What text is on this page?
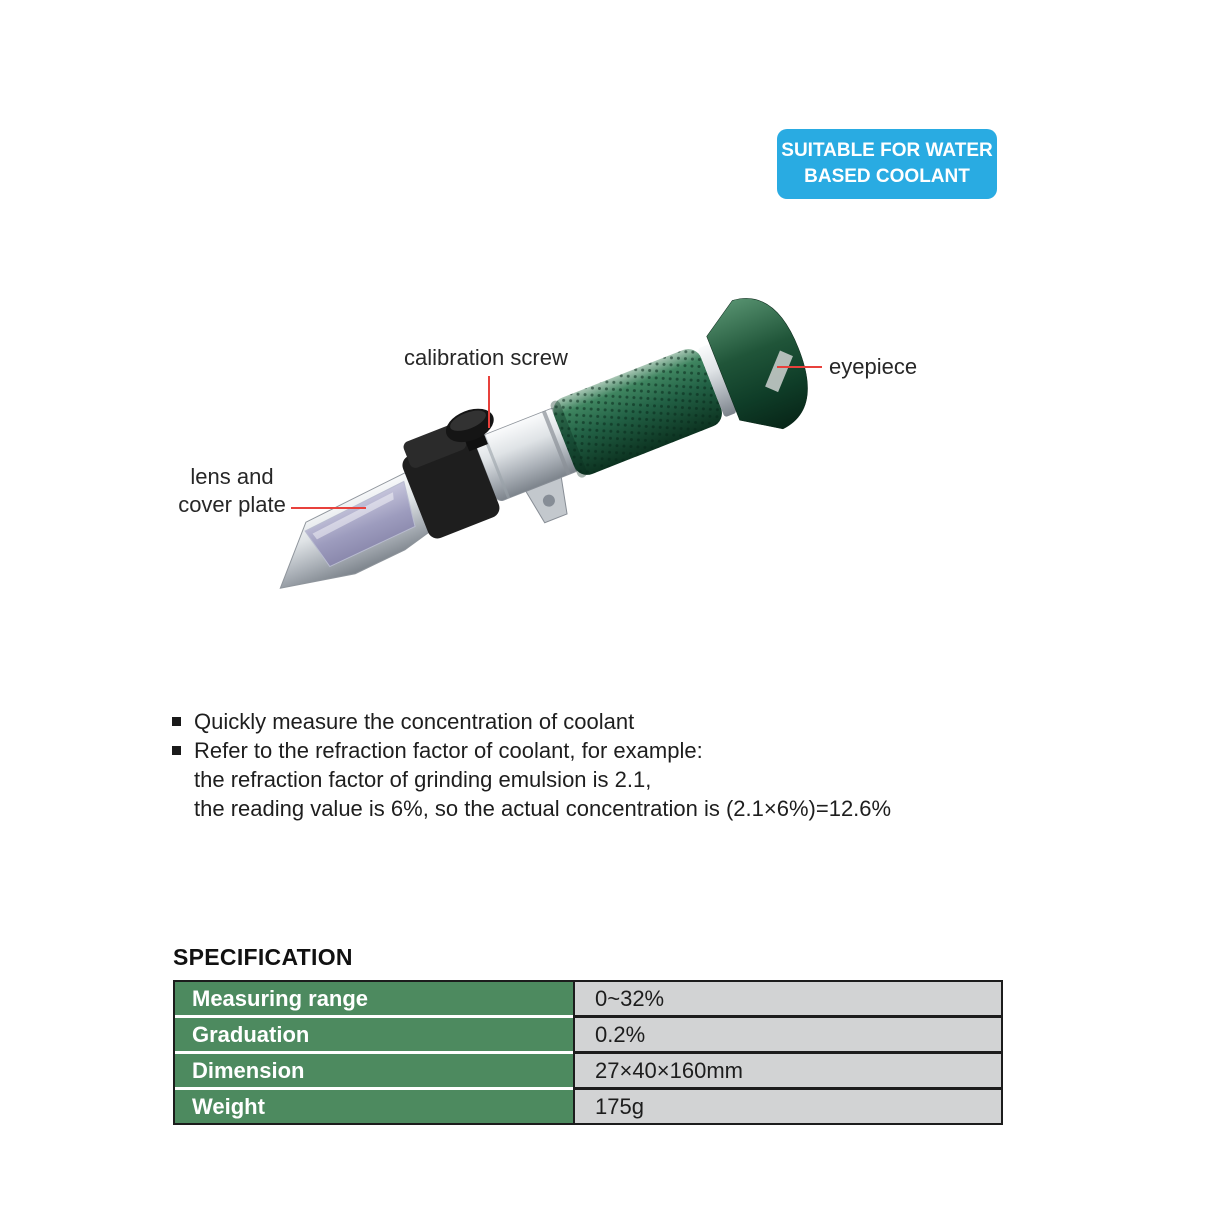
SUITABLE FOR WATER
BASED COOLANT
calibration screw	eyepiece
lens and
cover plate
Quickly measure the concentration of coolant
Refer to the refraction factor of coolant, for example:
the refraction factor of grinding emulsion is 2.1,
the reading value is 6%, so the actual concentration is (2.1×6%)=12.6%
SPECIFICATION
Measuring range	0~32%
Graduation	0.2%
Dimension	27×40×160mm
Weight	175g
